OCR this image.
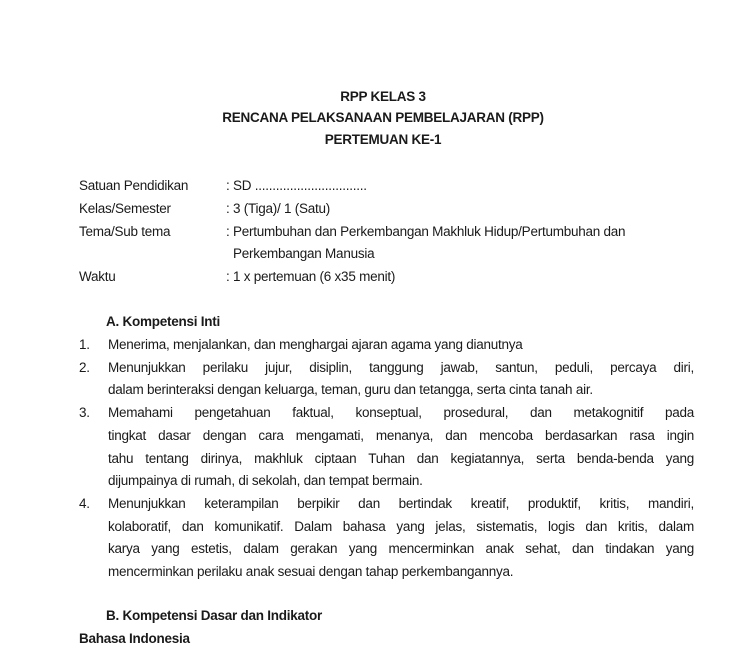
RPP KELAS 3
RENCANA PELAKSANAAN PEMBELAJARAN (RPP)
PERTEMUAN KE-1
Satuan Pendidikan	: SD ................................
Kelas/Semester	: 3 (Tiga)/ 1 (Satu)
Tema/Sub tema	: Pertumbuhan dan Perkembangan Makhluk Hidup/Pertumbuhan dan
Perkembangan Manusia
Waktu	: 1 x pertemuan (6 x35 menit)
A. Kompetensi Inti
1. Menerima, menjalankan, dan menghargai ajaran agama yang dianutnya
2. Menunjukkan perilaku jujur, disiplin, tanggung jawab, santun, peduli, percaya diri,
dalam berinteraksi dengan keluarga, teman, guru dan tetangga, serta cinta tanah air.
3. Memahami pengetahuan faktual, konseptual, prosedural, dan metakognitif pada
tingkat dasar dengan cara mengamati, menanya, dan mencoba berdasarkan rasa ingin
tahu tentang dirinya, makhluk ciptaan Tuhan dan kegiatannya, serta benda-benda yang
dijumpainya di rumah, di sekolah, dan tempat bermain.
4. Menunjukkan keterampilan berpikir dan bertindak kreatif, produktif, kritis, mandiri,
kolaboratif, dan komunikatif. Dalam bahasa yang jelas, sistematis, logis dan kritis, dalam
karya yang estetis, dalam gerakan yang mencerminkan anak sehat, dan tindakan yang
mencerminkan perilaku anak sesuai dengan tahap perkembangannya.
B. Kompetensi Dasar dan Indikator
Bahasa Indonesia
